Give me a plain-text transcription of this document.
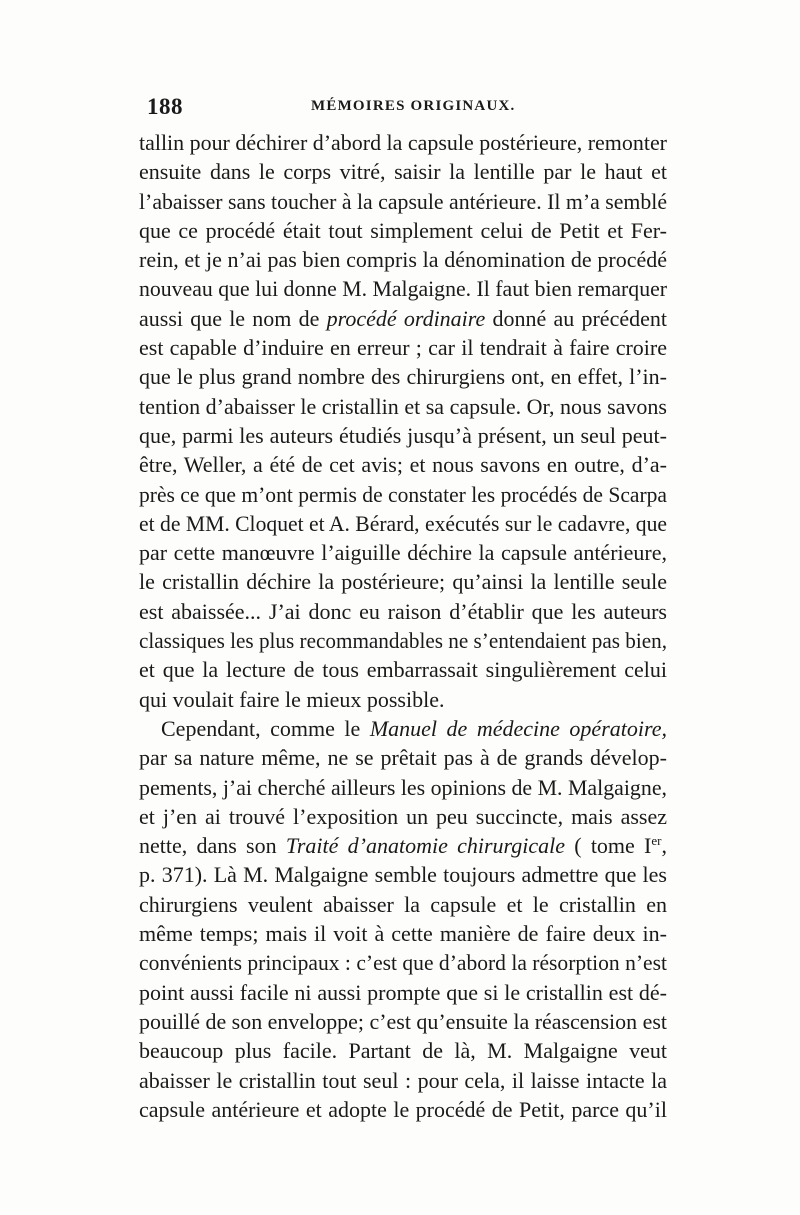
188	MÉMOIRES ORIGINAUX.
tallin pour déchirer d’abord la capsule postérieure, remonter
ensuite dans le corps vitré, saisir la lentille par le haut et
l’abaisser sans toucher à la capsule antérieure. Il m’a semblé
que ce procédé était tout simplement celui de Petit et Fer-
rein, et je n’ai pas bien compris la dénomination de procédé
nouveau que lui donne M. Malgaigne. Il faut bien remarquer
aussi que le nom de procédé ordinaire donné au précédent
est capable d’induire en erreur ; car il tendrait à faire croire
que le plus grand nombre des chirurgiens ont, en effet, l’in-
tention d’abaisser le cristallin et sa capsule. Or, nous savons
que, parmi les auteurs étudiés jusqu’à présent, un seul peut-
être, Weller, a été de cet avis; et nous savons en outre, d’a-
près ce que m’ont permis de constater les procédés de Scarpa
et de MM. Cloquet et A. Bérard, exécutés sur le cadavre, que
par cette manœuvre l’aiguille déchire la capsule antérieure,
le cristallin déchire la postérieure; qu’ainsi la lentille seule
est abaissée... J’ai donc eu raison d’établir que les auteurs
classiques les plus recommandables ne s’entendaient pas bien,
et que la lecture de tous embarrassait singulièrement celui
qui voulait faire le mieux possible.
Cependant, comme le Manuel de médecine opératoire,
par sa nature même, ne se prêtait pas à de grands dévelop-
pements, j’ai cherché ailleurs les opinions de M. Malgaigne,
et j’en ai trouvé l’exposition un peu succincte, mais assez
nette, dans son Traité d’anatomie chirurgicale ( tome Ier,
p. 371). Là M. Malgaigne semble toujours admettre que les
chirurgiens veulent abaisser la capsule et le cristallin en
même temps; mais il voit à cette manière de faire deux in-
convénients principaux : c’est que d’abord la résorption n’est
point aussi facile ni aussi prompte que si le cristallin est dé-
pouillé de son enveloppe; c’est qu’ensuite la réascension est
beaucoup plus facile. Partant de là, M. Malgaigne veut
abaisser le cristallin tout seul : pour cela, il laisse intacte la
capsule antérieure et adopte le procédé de Petit, parce qu’il
